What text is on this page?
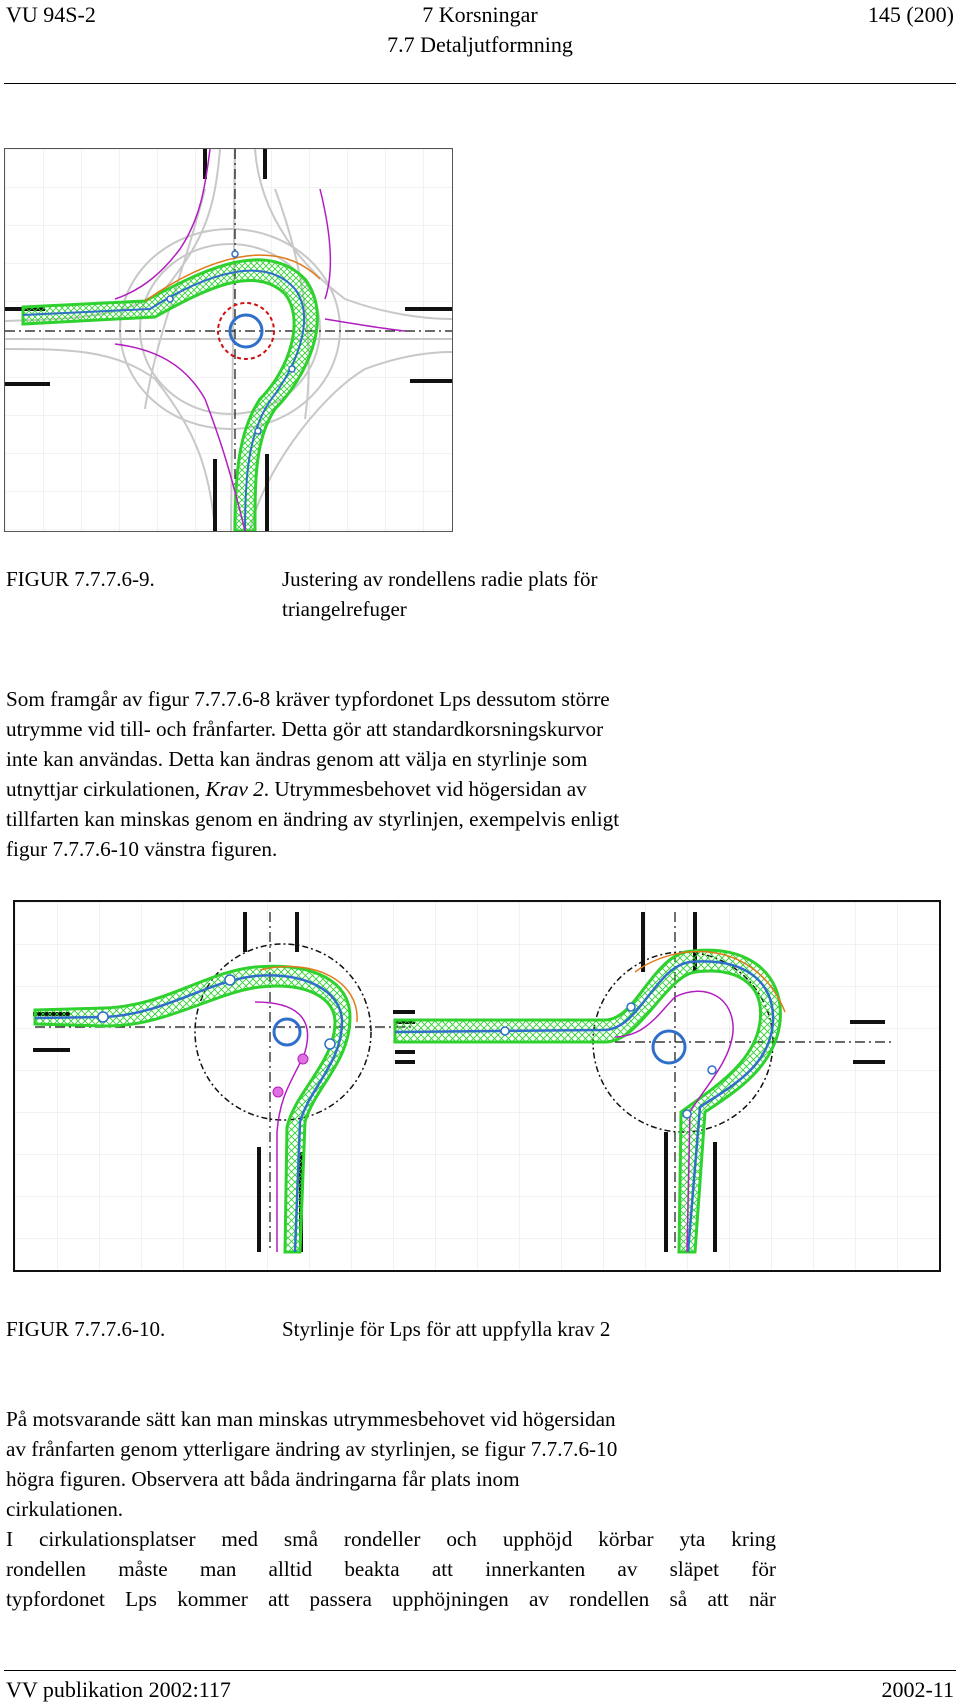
VU 94S-2	7 Korsningar
7.7 Detaljutformning
145 (200)
FIGUR 7.7.7.6-9.	Justering av rondellens radie plats för
triangelrefuger

Som framgår av figur 7.7.7.6-8 kräver typfordonet Lps dessutom större

utrymme vid till- och frånfarter. Detta gör att standardkorsningskurvor

inte kan användas. Detta kan ändras genom att välja en styrlinje som

utnyttjar cirkulationen, Krav 2. Utrymmesbehovet vid högersidan av

tillfarten kan minskas genom en ändring av styrlinjen, exempelvis enligt

figur 7.7.7.6-10 vänstra figuren.

FIGUR 7.7.7.6-10.	Styrlinje för Lps för att uppfylla krav 2

På motsvarande sätt kan man minskas utrymmesbehovet vid högersidan

av frånfarten genom ytterligare ändring av styrlinjen, se figur 7.7.7.6-10

högra figuren. Observera att båda ändringarna får plats inom

cirkulationen.

I cirkulationsplatser med små rondeller och upphöjd körbar yta kring

rondellen måste man alltid beakta att innerkanten av släpet för

typfordonet Lps kommer att passera upphöjningen av rondellen så att när

VV publikation 2002:117	2002-11
